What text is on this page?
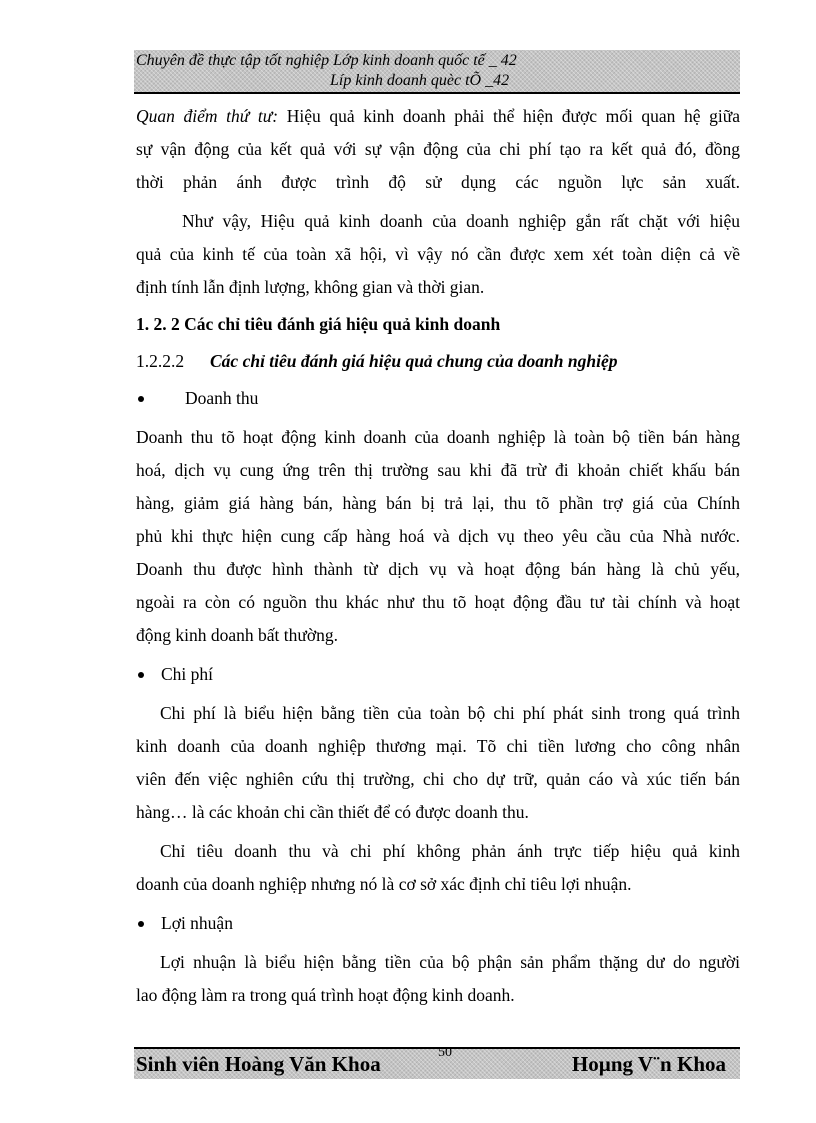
Chuyên đề thực tập tốt nghiệp Lớp kinh doanh quốc tế _ 42
Líp kinh doanh quèc tÕ _42
Quan điểm thứ tư: Hiệu quả kinh doanh phải thể hiện được mối quan hệ giữa
sự vận động của kết quả với sự vận động của chi phí tạo ra kết quả đó, đồng
thời phản ánh được trình độ sử dụng các nguồn lực sản xuất.
Như vậy, Hiệu quả kinh doanh của doanh nghiệp gắn rất chặt với hiệu
quả của kinh tế của toàn xã hội, vì vậy nó cần được xem xét toàn diện cả về
định tính lẫn định lượng, không gian và thời gian.
1. 2. 2 Các chỉ tiêu đánh giá hiệu quả kinh doanh
1.2.2.2 Các chỉ tiêu đánh giá hiệu quả chung của doanh nghiệp
Doanh thu
Doanh thu tõ hoạt động kinh doanh của doanh nghiệp là toàn bộ tiền bán hàng
hoá, dịch vụ cung ứng trên thị trường sau khi đã trừ đi khoản chiết khấu bán
hàng, giảm giá hàng bán, hàng bán bị trả lại, thu tõ phần trợ giá của Chính
phủ khi thực hiện cung cấp hàng hoá và dịch vụ theo yêu cầu của Nhà nước.
Doanh thu được hình thành từ dịch vụ và hoạt động bán hàng là chủ yếu,
ngoài ra còn có nguồn thu khác như thu tõ hoạt động đầu tư tài chính và hoạt
động kinh doanh bất thường.
Chi phí
Chi phí là biểu hiện bằng tiền của toàn bộ chi phí phát sinh trong quá trình
kinh doanh của doanh nghiệp thương mại. Tõ chi tiền lương cho công nhân
viên đến việc nghiên cứu thị trường, chi cho dự trữ, quản cáo và xúc tiến bán
hàng… là các khoản chi cần thiết để có được doanh thu.
Chỉ tiêu doanh thu và chi phí không phản ánh trực tiếp hiệu quả kinh
doanh của doanh nghiệp nhưng nó là cơ sở xác định chỉ tiêu lợi nhuận.
Lợi nhuận
Lợi nhuận là biểu hiện bằng tiền của bộ phận sản phẩm thặng dư do người
lao động làm ra trong quá trình hoạt động kinh doanh.
Sinh viên Hoàng Văn Khoa	50	Hoµng V¨n Khoa
